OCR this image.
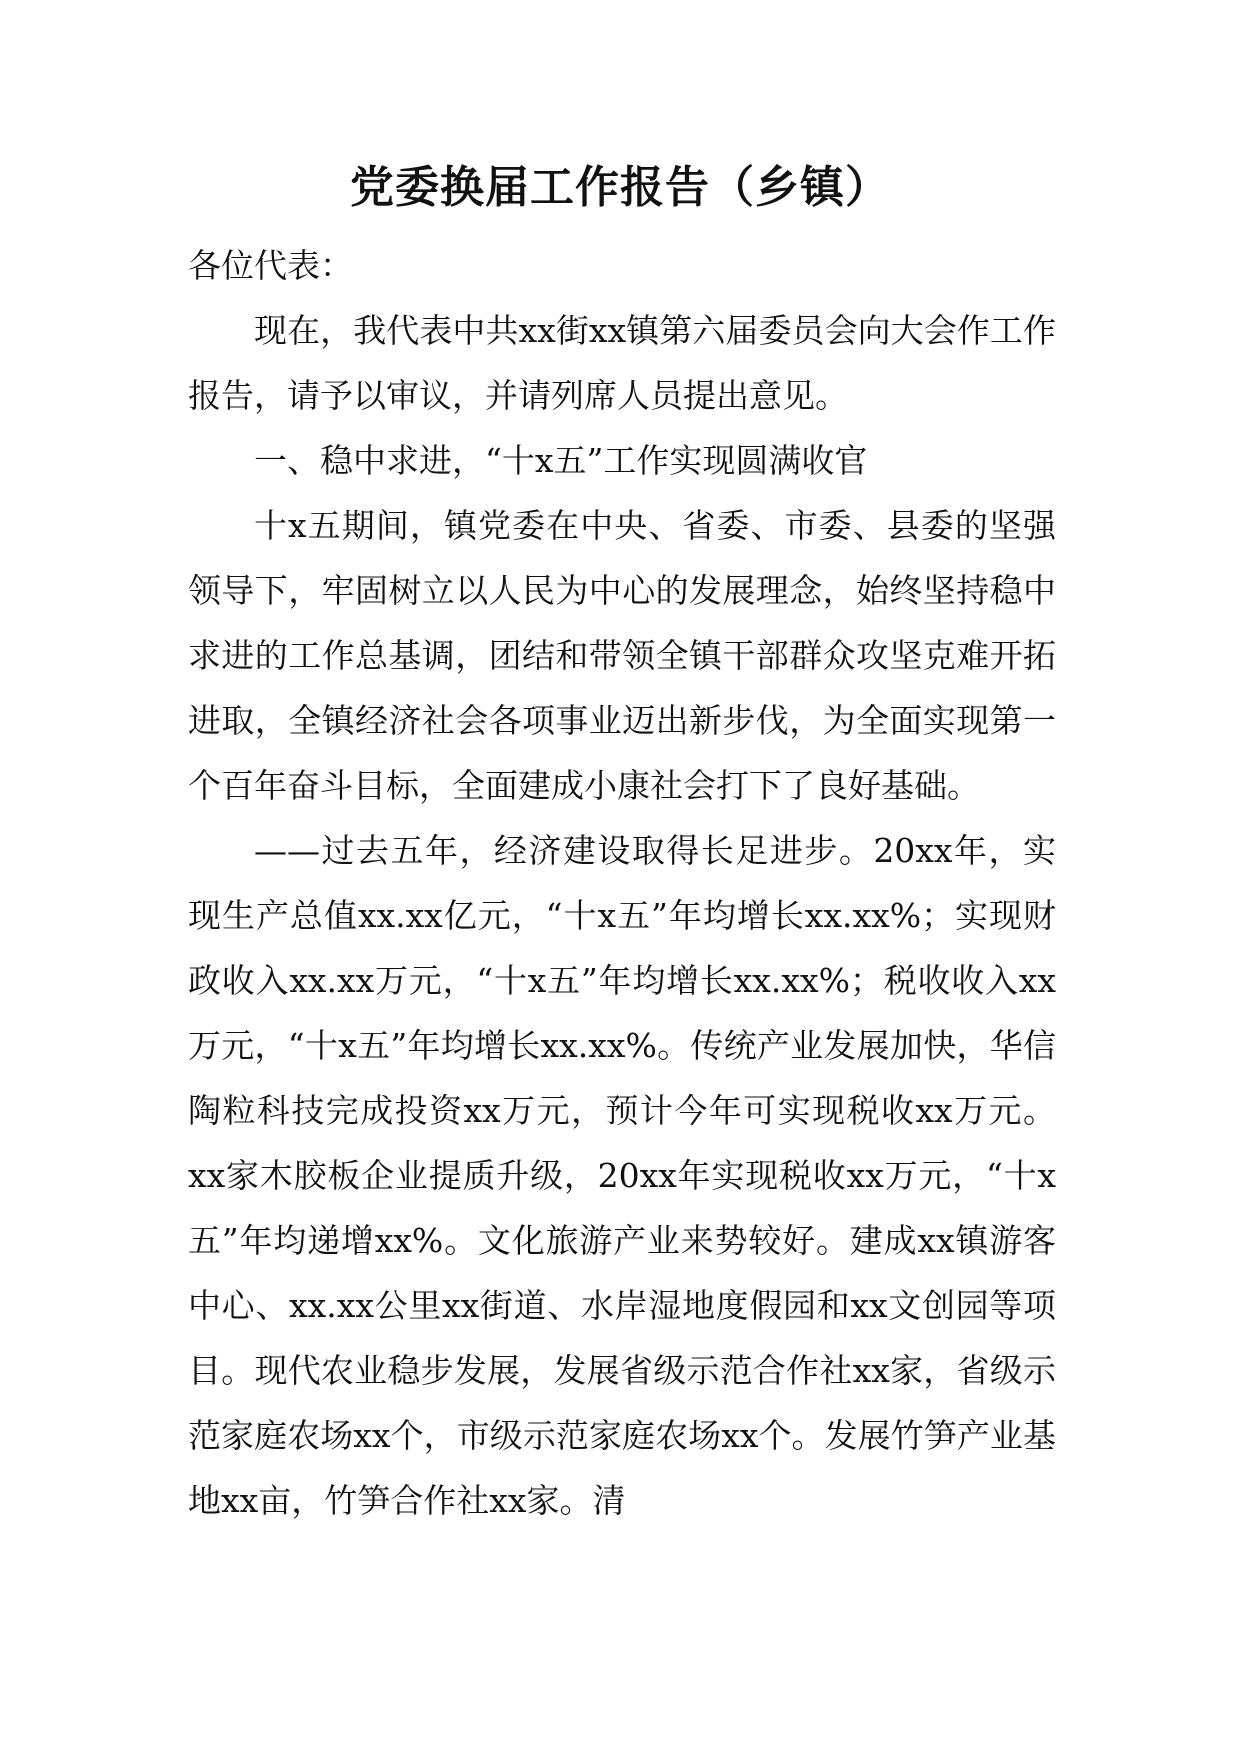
党委换届工作报告（乡镇）

各位代表：

现在，我代表中共xx街xx镇第六届委员会向大会作工作报告，请予以审议，并请列席人员提出意见。

一、稳中求进，“十x五”工作实现圆满收官

十x五期间，镇党委在中央、省委、市委、县委的坚强领导下，牢固树立以人民为中心的发展理念，始终坚持稳中求进的工作总基调，团结和带领全镇干部群众攻坚克难开拓进取，全镇经济社会各项事业迈出新步伐，为全面实现第一个百年奋斗目标，全面建成小康社会打下了良好基础。

——过去五年，经济建设取得长足进步。20xx年，实现生产总值xx.xx亿元，“十x五”年均增长xx.xx%；实现财政收入xx.xx万元，“十x五”年均增长xx.xx%；税收收入xx万元，“十x五”年均增长xx.xx%。传统产业发展加快，华信陶粒科技完成投资xx万元，预计今年可实现税收xx万元。xx家木胶板企业提质升级，20xx年实现税收xx万元，“十x五”年均递增xx%。文化旅游产业来势较好。建成xx镇游客中心、xx.xx公里xx街道、水岸湿地度假园和xx文创园等项目。现代农业稳步发展，发展省级示范合作社xx家，省级示范家庭农场xx个，市级示范家庭农场xx个。发展竹笋产业基地xx亩，竹笋合作社xx家。清
